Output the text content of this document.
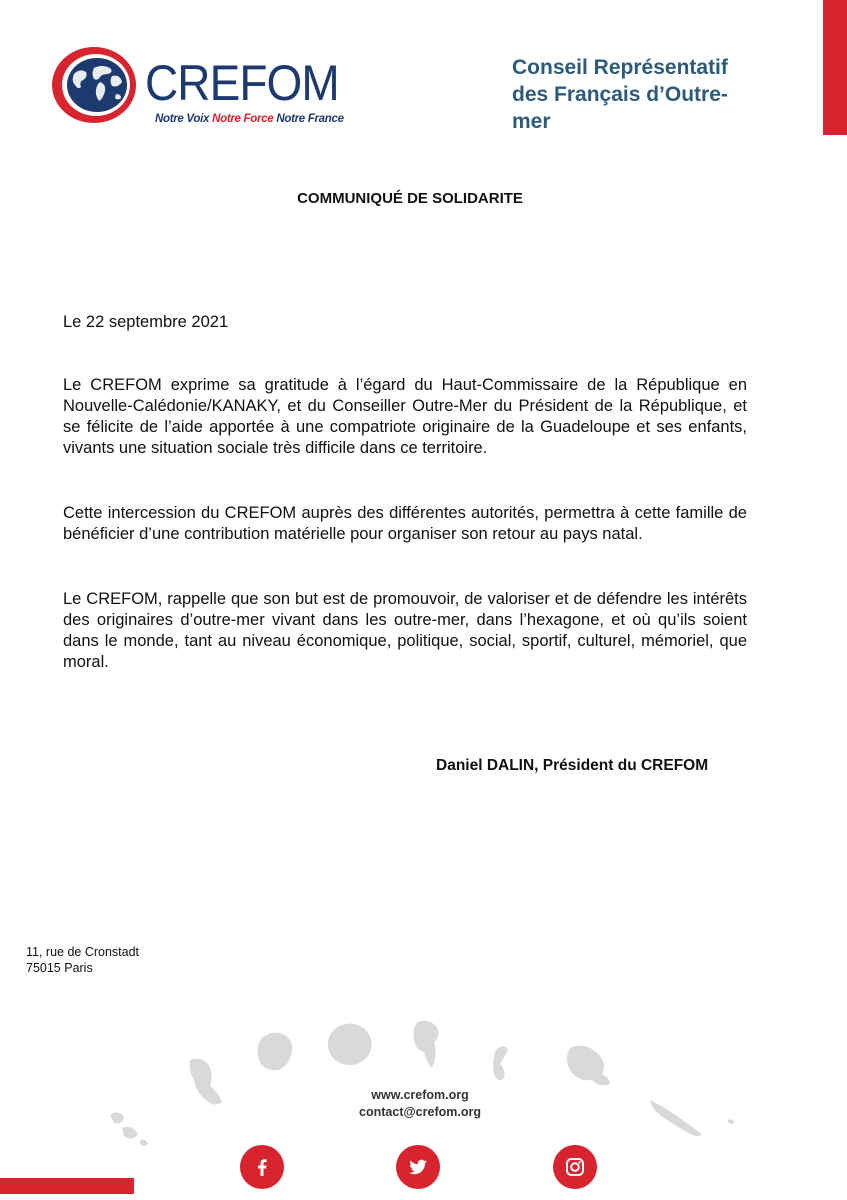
CREFOM
Notre Voix Notre Force Notre France
Conseil Représentatif des Français d’Outre-mer
COMMUNIQUÉ DE SOLIDARITE
Le 22 septembre 2021
Le CREFOM exprime sa gratitude à l’égard du Haut-Commissaire de la République en Nouvelle-Calédonie/KANAKY, et du Conseiller Outre-Mer du Président de la République, et se félicite de l’aide apportée à une compatriote originaire de la Guadeloupe et ses enfants, vivants une situation sociale très difficile dans ce territoire.
Cette intercession du CREFOM auprès des différentes autorités, permettra à cette famille de bénéficier d’une contribution matérielle pour organiser son retour au pays natal.
Le CREFOM, rappelle que son but est de promouvoir, de valoriser et de défendre les intérêts des originaires d’outre-mer vivant dans les outre-mer, dans l’hexagone, et où qu’ils soient dans le monde, tant au niveau économique, politique, social, sportif, culturel, mémoriel, que moral.
Daniel DALIN, Président du CREFOM
11, rue de Cronstadt
75015 Paris
www.crefom.org
contact@crefom.org
